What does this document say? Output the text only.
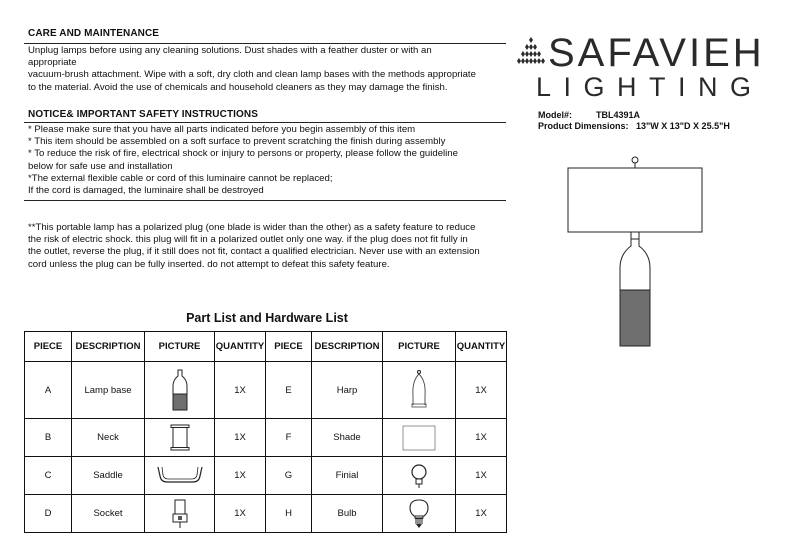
CARE AND MAINTENANCE
Unplug lamps before using any cleaning solutions. Dust shades with a feather duster or with an
appropriate
vacuum-brush attachment. Wipe with a soft, dry cloth and clean lamp bases with the methods appropriate
to the material. Avoid the use of chemicals and household cleaners as they may damage the finish.
NOTICE& IMPORTANT SAFETY INSTRUCTIONS
* Please make sure that you have all parts indicated before you begin assembly of this item
* This item should be assembled on a soft surface to prevent scratching the finish during assembly
* To reduce the risk of fire, electrical shock or injury to persons or property, please follow the guideline
below for safe use and installation
*The external flexible cable or cord of this luminaire cannot be replaced;
If the cord is damaged, the luminaire shall be destroyed
**This portable lamp has a polarized plug (one blade is wider than the other) as a safety feature to reduce
the risk of electric shock. this plug will fit in a polarized outlet only one way. if the plug does not fit fully in
the outlet, reverse the plug, if it still does not fit, contact a qualified electrician. Never use with an extension
cord unless the plug can be fully inserted. do not attempt to defeat this safety feature.
SAFAVIEH
LIGHTING
Model#:	TBL4391A
Product Dimensions: 13"W X 13"D X 25.5"H
Part List and Hardware List
PIECE	DESCRIPTION	PICTURE	QUANTITY	PIECE	DESCRIPTION	PICTURE	QUANTITY
A	Lamp base		1X	E	Harp		1X
B	Neck		1X	F	Shade		1X
C	Saddle		1X	G	Finial		1X
D	Socket		1X	H	Bulb		1X
